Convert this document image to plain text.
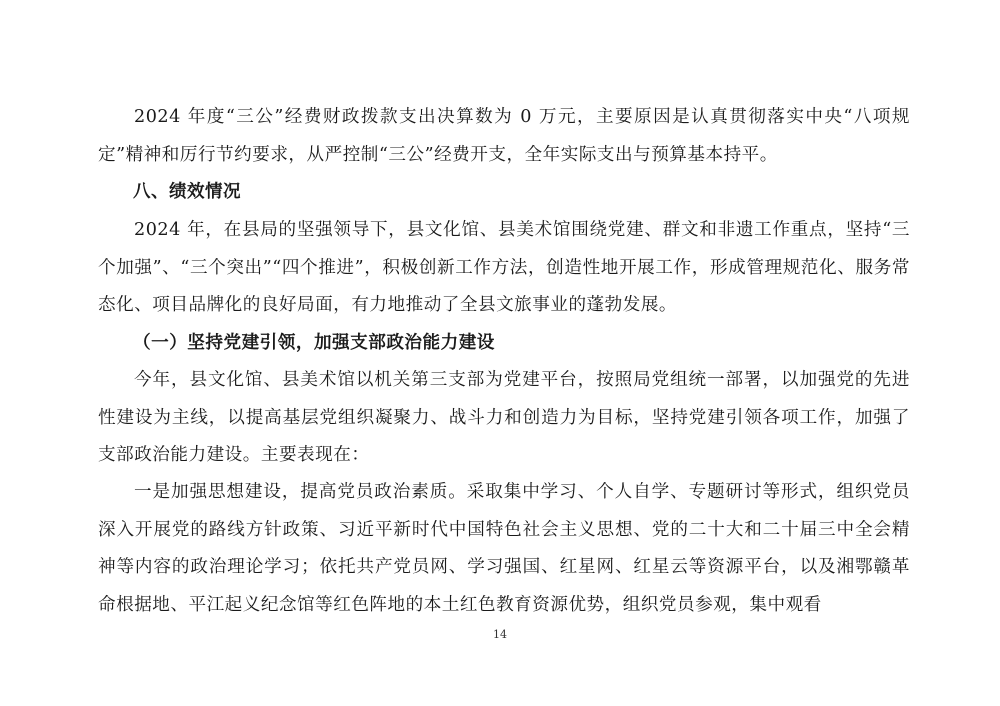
2024 年度“三公”经费财政拨款支出决算数为 0 万元，主要原因是认真贯彻落实中央“八项规定”精神和厉行节约要求，从严控制“三公”经费开支，全年实际支出与预算基本持平。

八、绩效情况

2024 年，在县局的坚强领导下，县文化馆、县美术馆围绕党建、群文和非遗工作重点，坚持“三个加强”、“三个突出”“四个推进”，积极创新工作方法，创造性地开展工作，形成管理规范化、服务常态化、项目品牌化的良好局面，有力地推动了全县文旅事业的蓬勃发展。

（一）坚持党建引领，加强支部政治能力建设

今年，县文化馆、县美术馆以机关第三支部为党建平台，按照局党组统一部署，以加强党的先进性建设为主线，以提高基层党组织凝聚力、战斗力和创造力为目标，坚持党建引领各项工作，加强了支部政治能力建设。主要表现在：

一是加强思想建设，提高党员政治素质。采取集中学习、个人自学、专题研讨等形式，组织党员深入开展党的路线方针政策、习近平新时代中国特色社会主义思想、党的二十大和二十届三中全会精神等内容的政治理论学习；依托共产党员网、学习强国、红星网、红星云等资源平台，以及湘鄂赣革命根据地、平江起义纪念馆等红色阵地的本土红色教育资源优势，组织党员参观，集中观看

14
